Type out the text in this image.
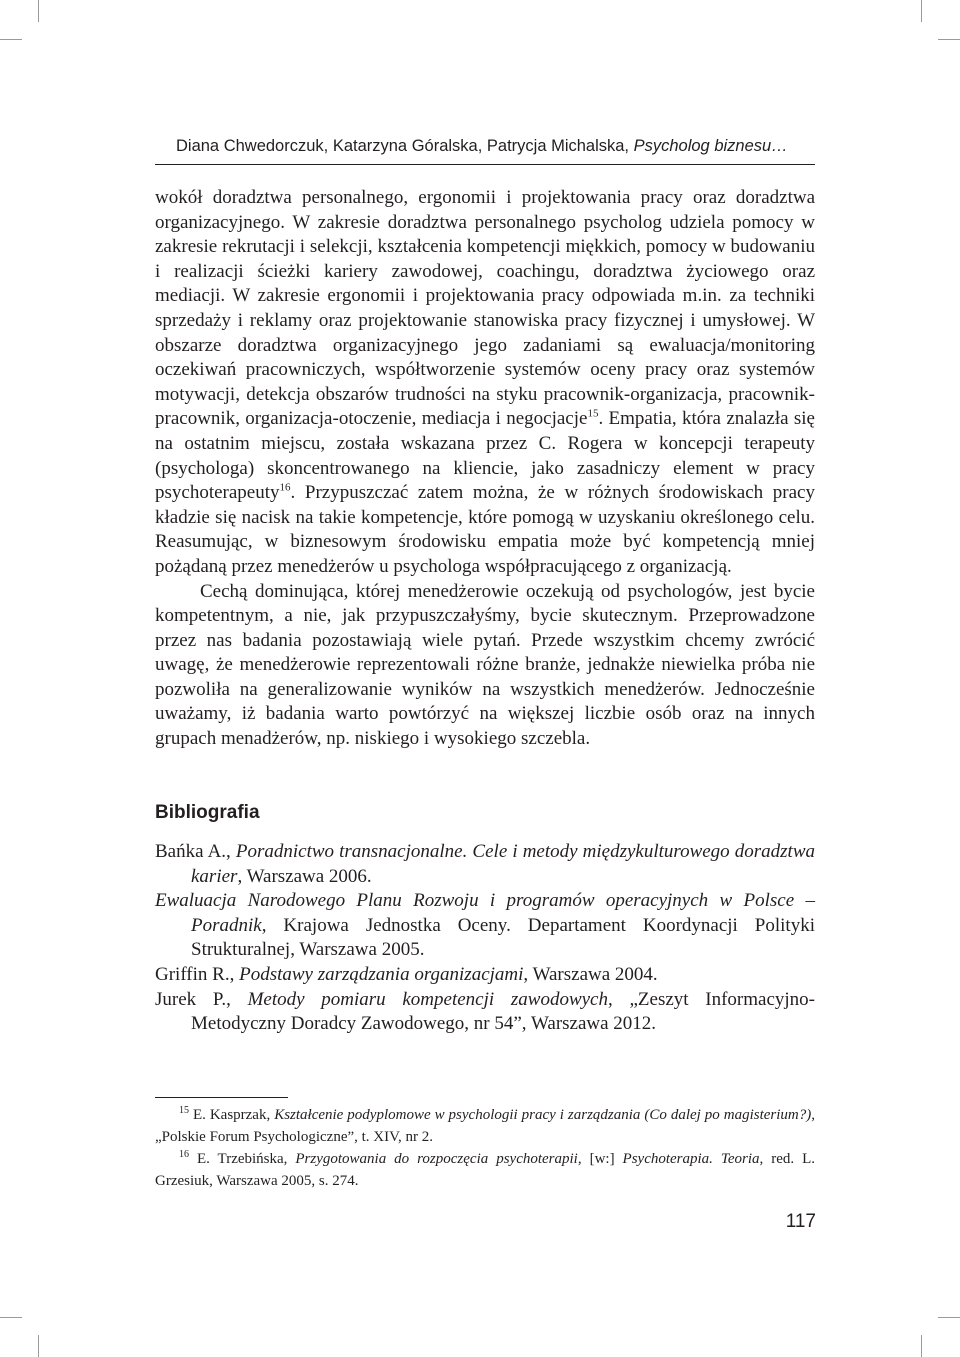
Diana Chwedorczuk, Katarzyna Góralska, Patrycja Michalska, Psycholog biznesu…

wokół doradztwa personalnego, ergonomii i projektowania pracy oraz doradztwa organizacyjnego. W zakresie doradztwa personalnego psycholog udziela pomocy w zakresie rekrutacji i selekcji, kształcenia kompetencji miękkich, pomocy w budowaniu i realizacji ścieżki kariery zawodowej, coachingu, doradztwa życiowego oraz mediacji. W zakresie ergonomii i projektowania pracy odpowiada m.in. za techniki sprzedaży i reklamy oraz projektowanie stanowiska pracy fizycznej i umysłowej. W obszarze doradztwa organizacyjnego jego zadaniami są ewaluacja/monitoring oczekiwań pracowniczych, współtworzenie systemów oceny pracy oraz systemów motywacji, detekcja obszarów trudności na styku pracownik-organizacja, pracownik-pracownik, organizacja-otoczenie, mediacja i negocjacje$^{15}$. Empatia, która znalazła się na ostatnim miejscu, została wskazana przez C. Rogera w koncepcji terapeuty (psychologa) skoncentrowanego na kliencie, jako zasadniczy element w pracy psychoterapeuty$^{16}$. Przypuszczać zatem można, że w różnych środowiskach pracy kładzie się nacisk na takie kompetencje, które pomogą w uzyskaniu określonego celu. Reasumując, w biznesowym środowisku empatia może być kompetencją mniej pożądaną przez menedżerów u psychologa współpracującego z organizacją.

Cechą dominująca, której menedżerowie oczekują od psychologów, jest bycie kompetentnym, a nie, jak przypuszczałyśmy, bycie skutecznym. Przeprowadzone przez nas badania pozostawiają wiele pytań. Przede wszystkim chcemy zwrócić uwagę, że menedżerowie reprezentowali różne branże, jednakże niewielka próba nie pozwoliła na generalizowanie wyników na wszystkich menedżerów. Jednocześnie uważamy, iż badania warto powtórzyć na większej liczbie osób oraz na innych grupach menadżerów, np. niskiego i wysokiego szczebla.

Bibliografia
Bańka A., Poradnictwo transnacjonalne. Cele i metody międzykulturowego doradztwa karier, Warszawa 2006.
Ewaluacja Narodowego Planu Rozwoju i programów operacyjnych w Polsce – Poradnik, Krajowa Jednostka Oceny. Departament Koordynacji Polityki Strukturalnej, Warszawa 2005.
Griffin R., Podstawy zarządzania organizacjami, Warszawa 2004.
Jurek P., Metody pomiaru kompetencji zawodowych, „Zeszyt Informacyjno-Metodyczny Doradcy Zawodowego, nr 54”, Warszawa 2012.
$^{15}$ E. Kasprzak, Kształcenie podyplomowe w psychologii pracy i zarządzania (Co dalej po magisterium?), „Polskie Forum Psychologiczne”, t. XIV, nr 2.
$^{16}$ E. Trzebińska, Przygotowania do rozpoczęcia psychoterapii, [w:] Psychoterapia. Teoria, red. L. Grzesiuk, Warszawa 2005, s. 274.
117
